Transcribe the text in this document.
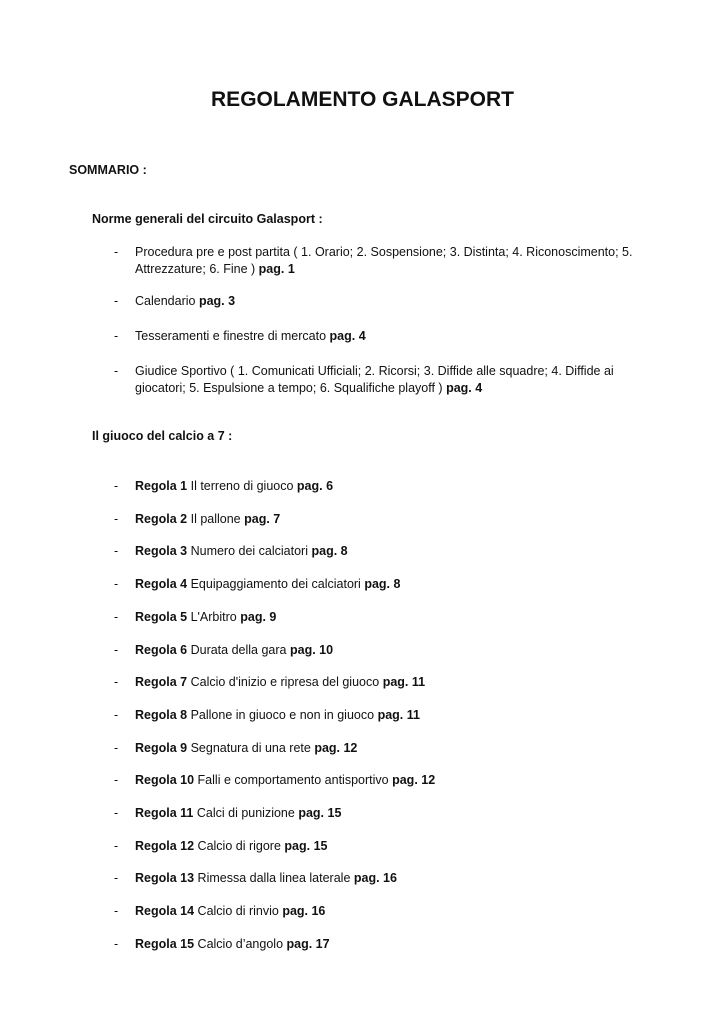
REGOLAMENTO GALASPORT
SOMMARIO :
Norme generali del circuito Galasport :
- Procedura pre e post partita ( 1. Orario; 2. Sospensione; 3. Distinta; 4. Riconoscimento; 5.
Attrezzature; 6. Fine ) pag. 1
- Calendario pag. 3
- Tesseramenti e finestre di mercato pag. 4
- Giudice Sportivo ( 1. Comunicati Ufficiali; 2. Ricorsi; 3. Diffide alle squadre; 4. Diffide ai
giocatori; 5. Espulsione a tempo; 6. Squalifiche playoff ) pag. 4
Il giuoco del calcio a 7 :
- Regola 1 Il terreno di giuoco pag. 6
- Regola 2 Il pallone pag. 7
- Regola 3 Numero dei calciatori pag. 8
- Regola 4 Equipaggiamento dei calciatori pag. 8
- Regola 5 L'Arbitro pag. 9
- Regola 6 Durata della gara pag. 10
- Regola 7 Calcio d'inizio e ripresa del giuoco pag. 11
- Regola 8 Pallone in giuoco e non in giuoco pag. 11
- Regola 9 Segnatura di una rete pag. 12
- Regola 10 Falli e comportamento antisportivo pag. 12
- Regola 11 Calci di punizione pag. 15
- Regola 12 Calcio di rigore pag. 15
- Regola 13 Rimessa dalla linea laterale pag. 16
- Regola 14 Calcio di rinvio pag. 16
- Regola 15 Calcio d’angolo pag. 17
